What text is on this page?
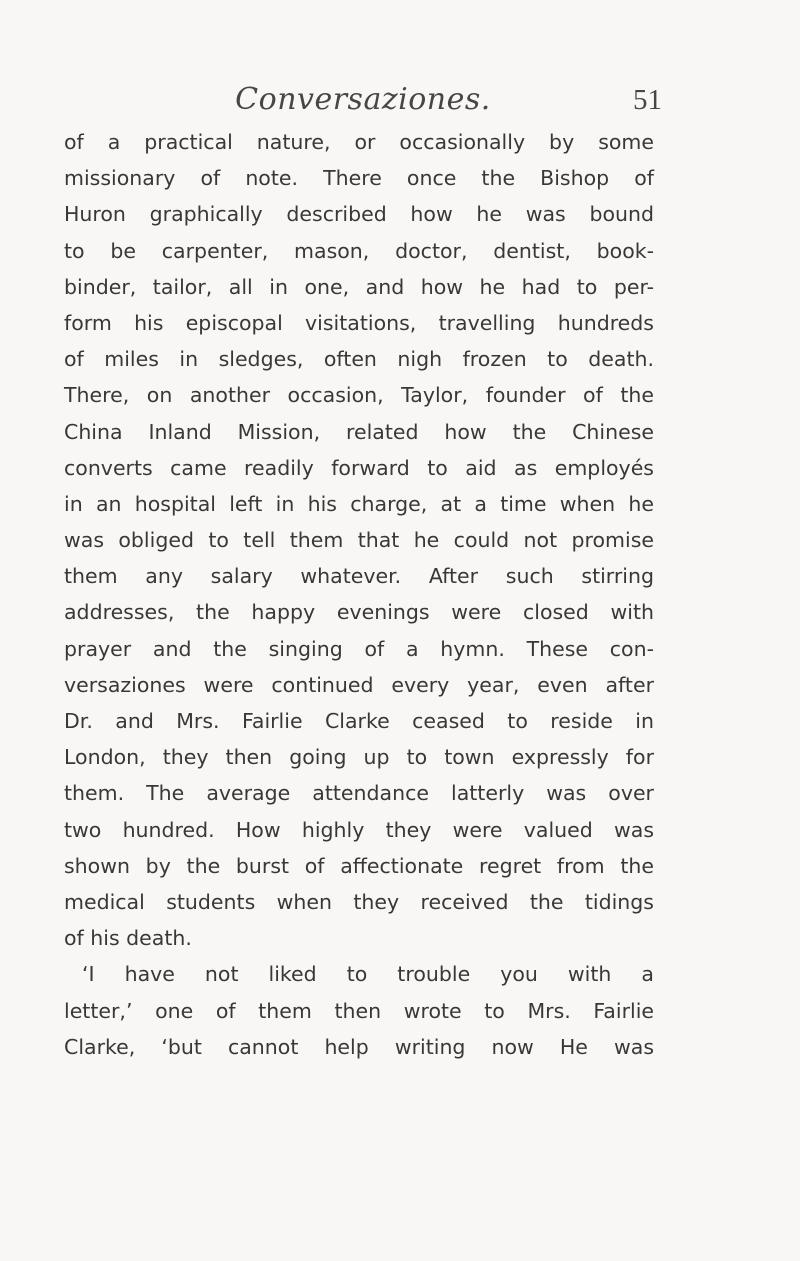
Conversaziones.	51
of a practical nature, or occasionally by some
missionary of note. There once the Bishop of
Huron graphically described how he was bound
to be carpenter, mason, doctor, dentist, book-
binder, tailor, all in one, and how he had to per-
form his episcopal visitations, travelling hundreds
of miles in sledges, often nigh frozen to death.
There, on another occasion, Taylor, founder of the
China Inland Mission, related how the Chinese
converts came readily forward to aid as employés
in an hospital left in his charge, at a time when he
was obliged to tell them that he could not promise
them any salary whatever. After such stirring
addresses, the happy evenings were closed with
prayer and the singing of a hymn. These con-
versaziones were continued every year, even after
Dr. and Mrs. Fairlie Clarke ceased to reside in
London, they then going up to town expressly for
them. The average attendance latterly was over
two hundred. How highly they were valued was
shown by the burst of affectionate regret from the
medical students when they received the tidings
of his death.
‘I have not liked to trouble you with a
letter,’ one of them then wrote to Mrs. Fairlie
Clarke, ‘but cannot help writing now He was
